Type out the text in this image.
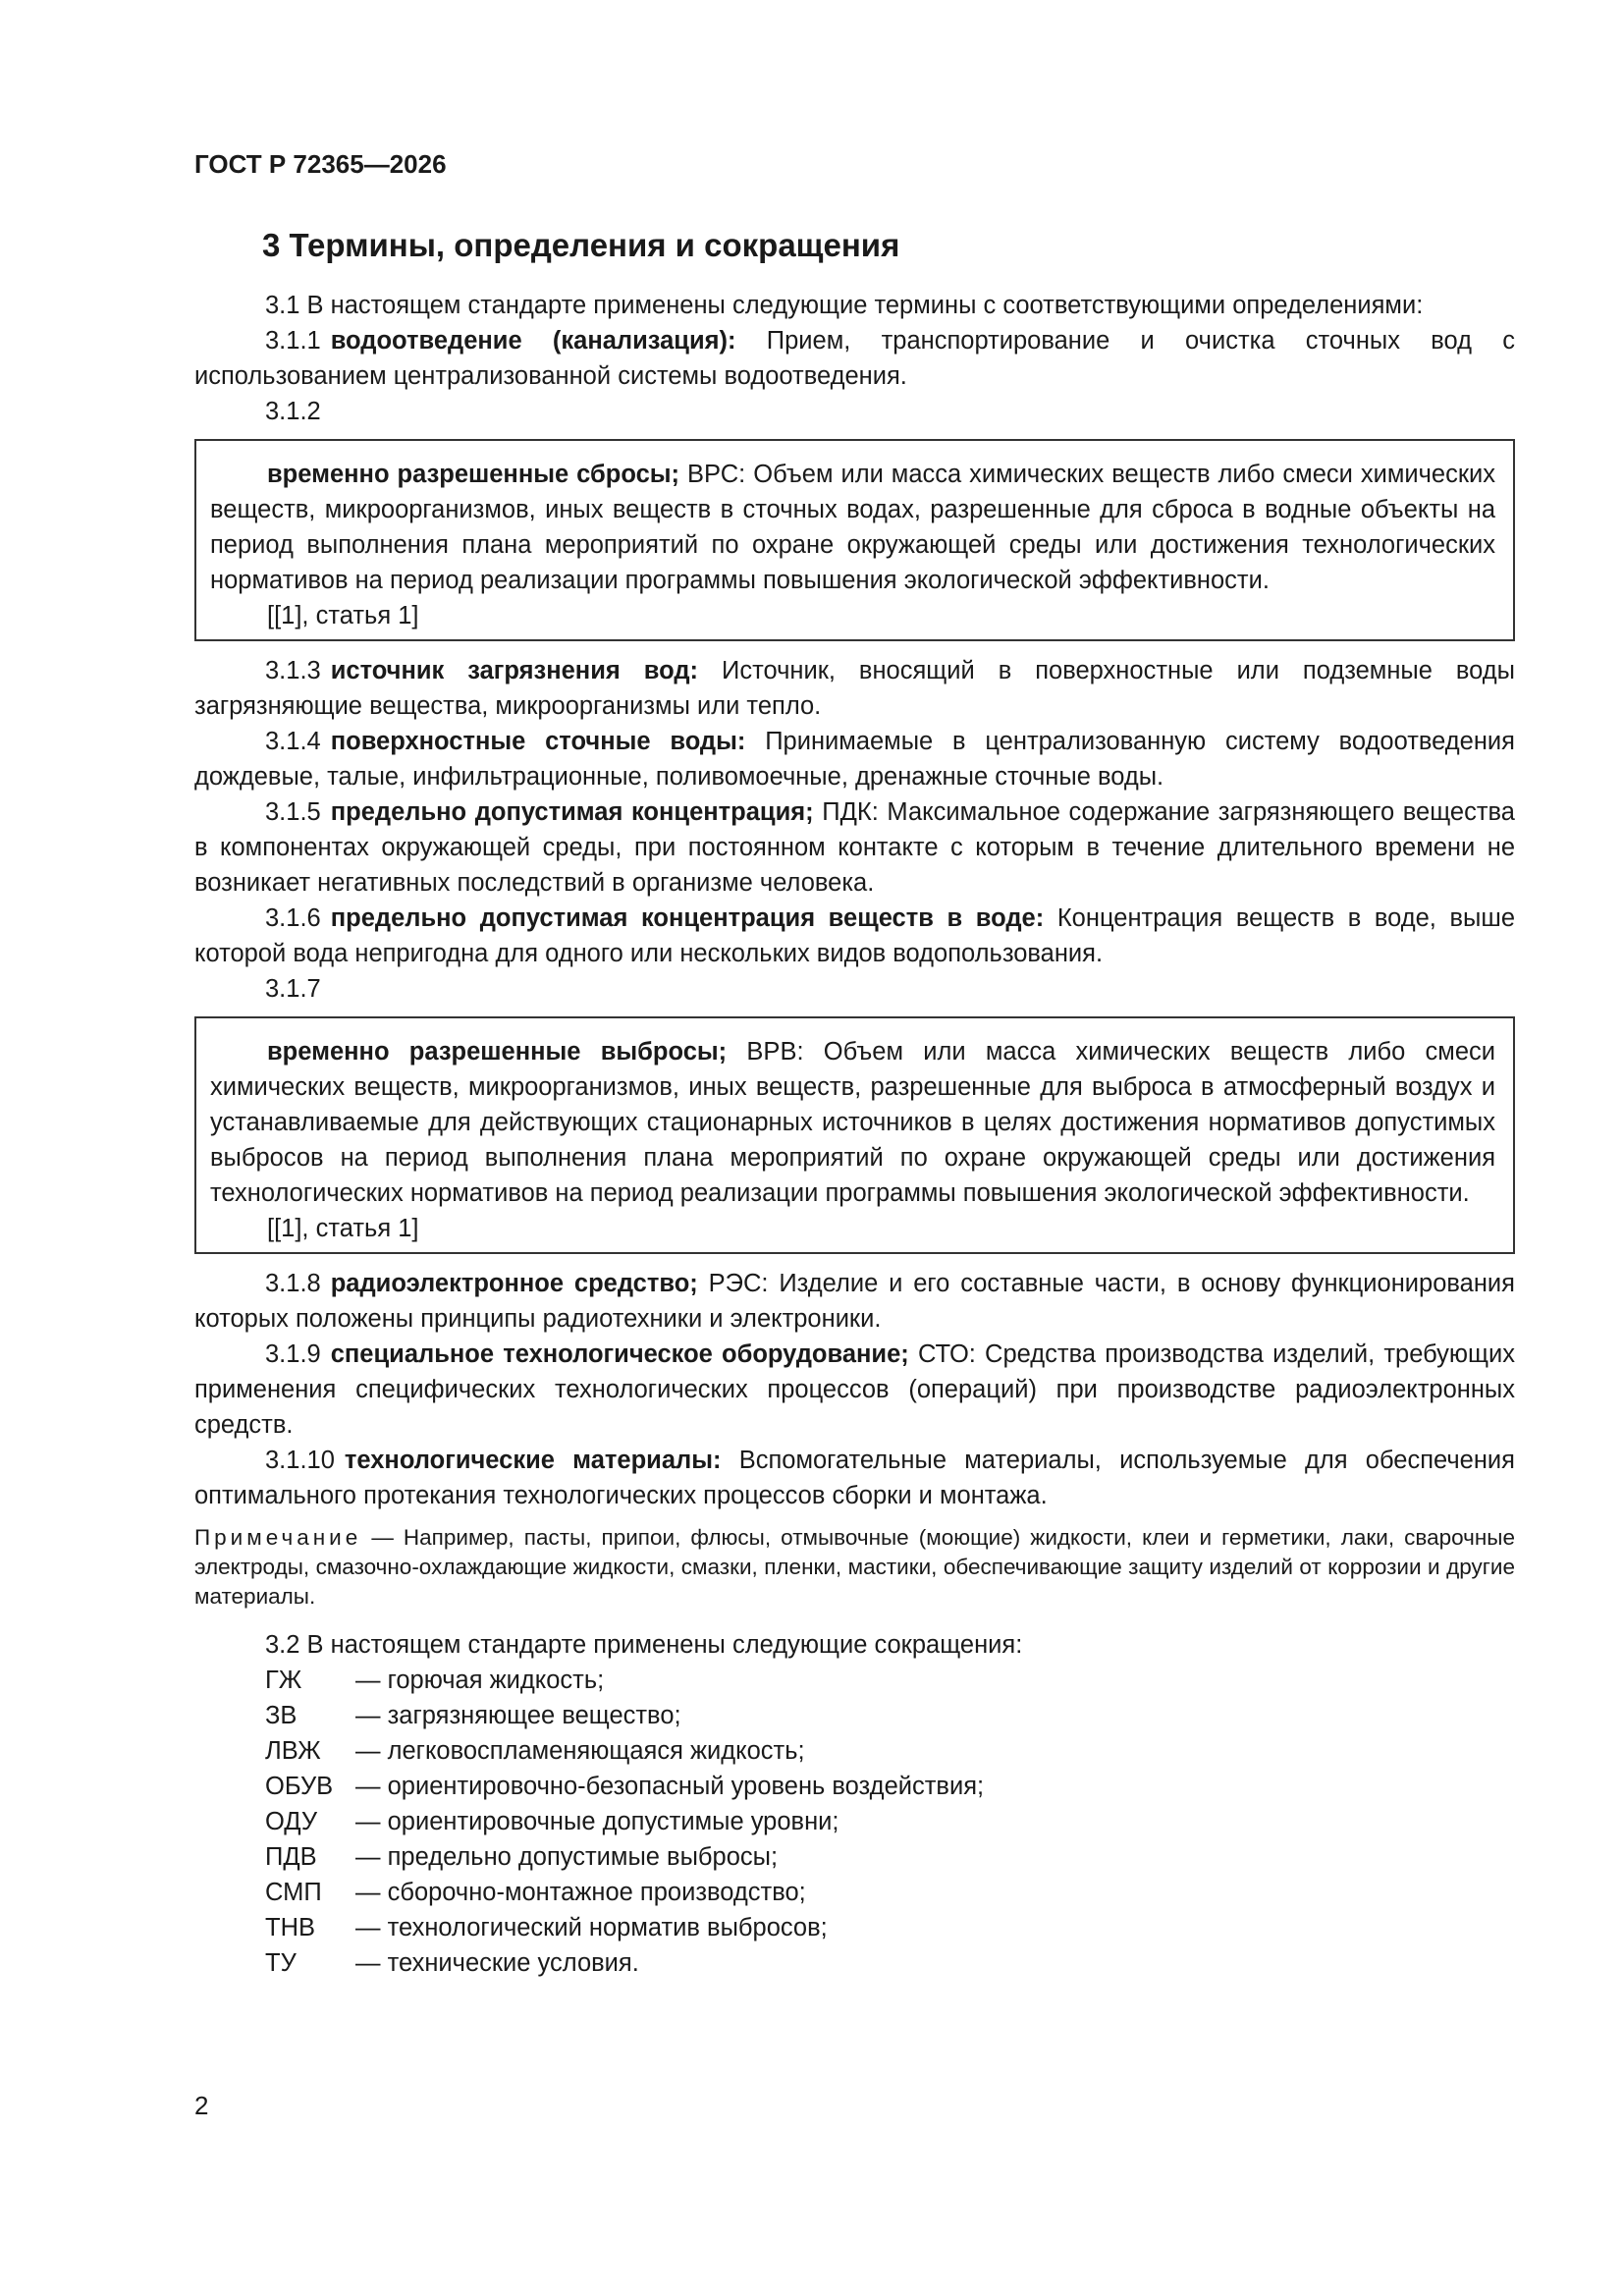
ГОСТ Р 72365—2026
3 Термины, определения и сокращения

3.1 В настоящем стандарте применены следующие термины с соответствующими определениями:

3.1.1 водоотведение (канализация): Прием, транспортирование и очистка сточных вод с использованием централизованной системы водоотведения.

3.1.2

временно разрешенные сбросы; ВРС: Объем или масса химических веществ либо смеси химических веществ, микроорганизмов, иных веществ в сточных водах, разрешенные для сброса в водные объекты на период выполнения плана мероприятий по охране окружающей среды или достижения технологических нормативов на период реализации программы повышения экологической эффективности.

[[1], статья 1]

3.1.3 источник загрязнения вод: Источник, вносящий в поверхностные или подземные воды загрязняющие вещества, микроорганизмы или тепло.

3.1.4 поверхностные сточные воды: Принимаемые в централизованную систему водоотведения дождевые, талые, инфильтрационные, поливомоечные, дренажные сточные воды.

3.1.5 предельно допустимая концентрация; ПДК: Максимальное содержание загрязняющего вещества в компонентах окружающей среды, при постоянном контакте с которым в течение длительного времени не возникает негативных последствий в организме человека.

3.1.6 предельно допустимая концентрация веществ в воде: Концентрация веществ в воде, выше которой вода непригодна для одного или нескольких видов водопользования.

3.1.7

временно разрешенные выбросы; ВРВ: Объем или масса химических веществ либо смеси химических веществ, микроорганизмов, иных веществ, разрешенные для выброса в атмосферный воздух и устанавливаемые для действующих стационарных источников в целях достижения нормативов допустимых выбросов на период выполнения плана мероприятий по охране окружающей среды или достижения технологических нормативов на период реализации программы повышения экологической эффективности.

[[1], статья 1]

3.1.8 радиоэлектронное средство; РЭС: Изделие и его составные части, в основу функционирования которых положены принципы радиотехники и электроники.

3.1.9 специальное технологическое оборудование; СТО: Средства производства изделий, требующих применения специфических технологических процессов (операций) при производстве радиоэлектронных средств.

3.1.10 технологические материалы: Вспомогательные материалы, используемые для обеспечения оптимального протекания технологических процессов сборки и монтажа.

Примечание — Например, пасты, припои, флюсы, отмывочные (моющие) жидкости, клеи и герметики, лаки, сварочные электроды, смазочно-охлаждающие жидкости, смазки, пленки, мастики, обеспечивающие защиту изделий от коррозии и другие материалы.

3.2 В настоящем стандарте применены следующие сокращения:

ГЖ	— горючая жидкость;
ЗВ	— загрязняющее вещество;
ЛВЖ	— легковоспламеняющаяся жидкость;
ОБУВ — ориентировочно-безопасный уровень воздействия;
ОДУ	— ориентировочные допустимые уровни;
ПДВ	— предельно допустимые выбросы;
СМП	— сборочно-монтажное производство;
ТНВ	— технологический норматив выбросов;
ТУ	— технические условия.
2
